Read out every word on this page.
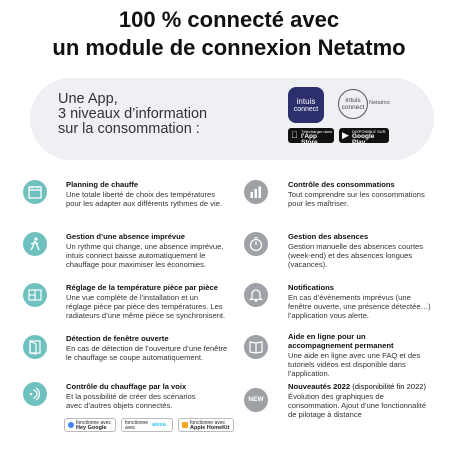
100 % connecté avec
un module de connexion Netatmo
Une App,
3 niveaux d’information
sur la consommation :
intuis
connect
intuis
connect
Netatmo
Télécharger dans
l'App Store
▶ DISPONIBLE SUR
Google Play
Planning de chauffe
Une totale liberté de choix des températures
pour les adapter aux différents rythmes de vie.
Gestion d’une absence imprévue
Un rythme qui change, une absence imprévue,
intuis connect baisse automatiquement le
chauffage pour maximiser les économies.
Réglage de la température pièce par pièce
Une vue complète de l’installation et un
réglage pièce par pièce des températures. Les
radiateurs d’une même pièce se synchronisent.
Détection de fenêtre ouverte
En cas de détection de l’ouverture d’une fenêtre
le chauffage se coupe automatiquement.
Contrôle du chauffage par la voix
Et la possibilité de créer des scénarios
avec d’autres objets connectés.
Contrôle des consommations
Tout comprendre sur les consommations
pour les maîtriser.
Gestion des absences
Gestion manuelle des absences courtes
(week-end) et des absences longues
(vacances).
Notifications
En cas d’évènements imprévus (une
fenêtre ouverte, une présence détectée…)
l’application vous alerte.
Aide en ligne pour un
accompagnement permanent
Une aide en ligne avec une FAQ et des
tutoriels vidéos est disponible dans
l’application.
NEW
Nouveautés 2022 (disponibilité fin 2022)
Évolution des graphiques de
consommation. Ajout d’une fonctionnalité
de pilotage à distance
fonctionne avec
Hey Google
fonctionne
avec	alexa	fonctionne avec
Apple HomeKit
